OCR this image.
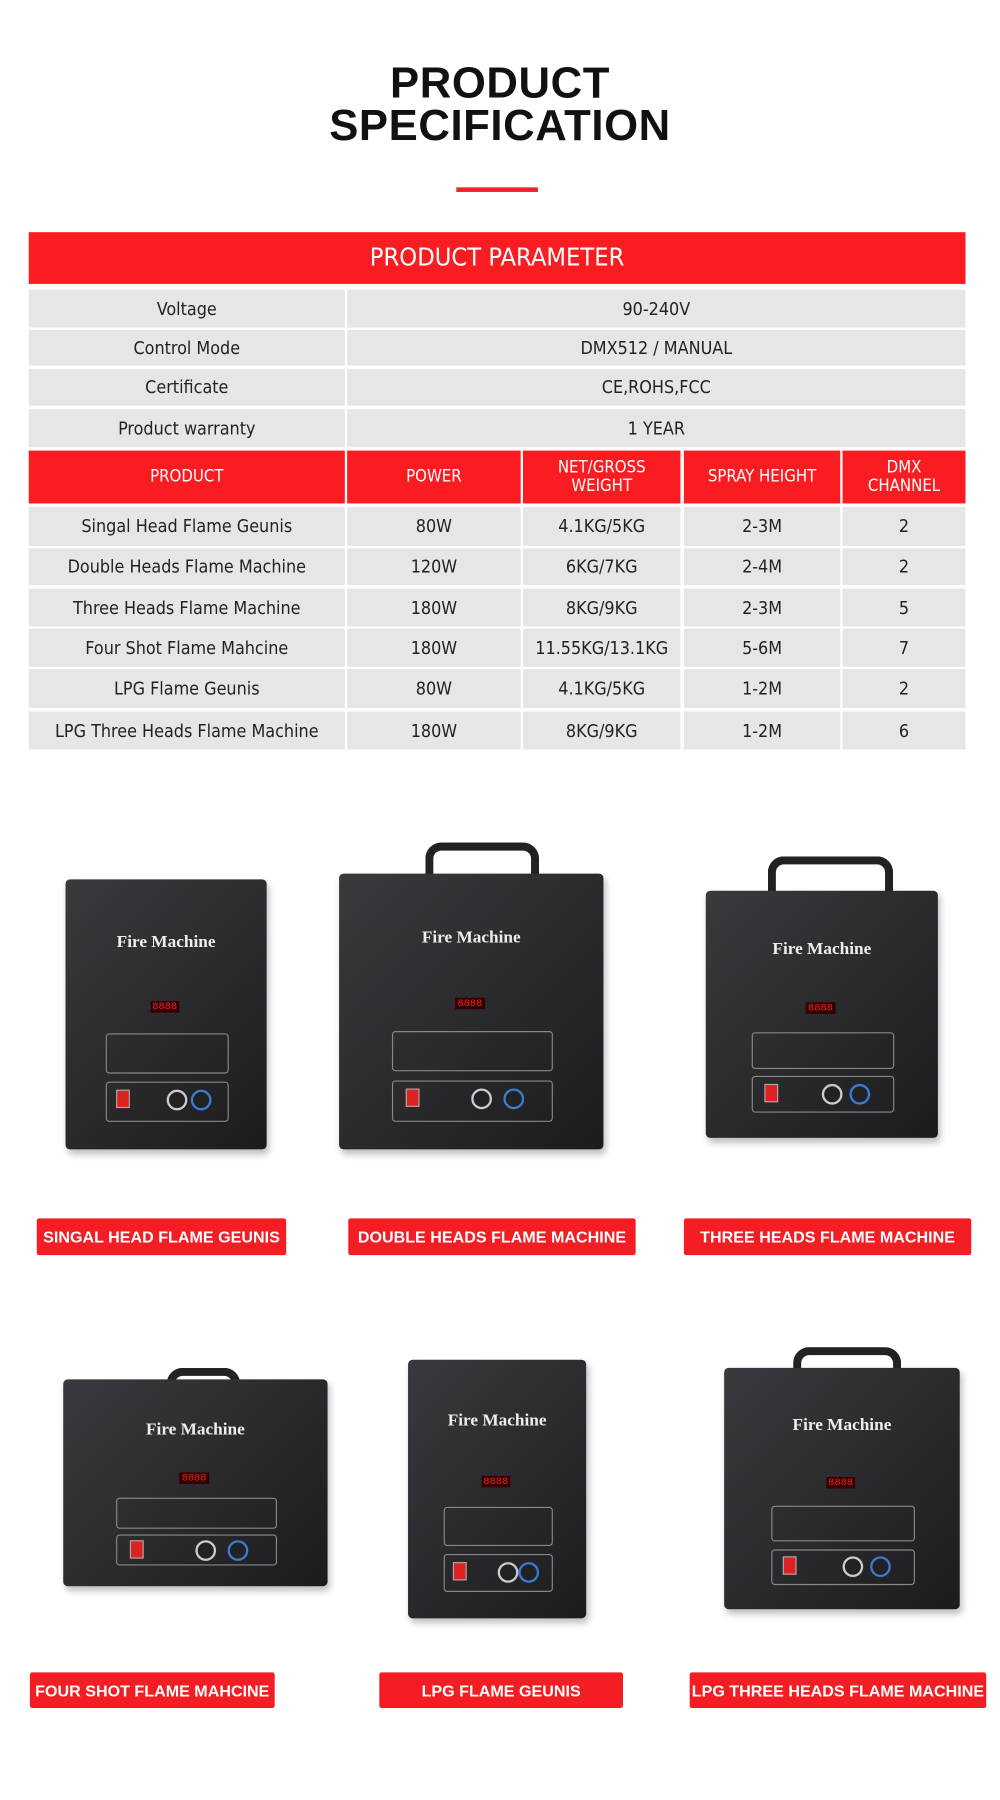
PRODUCT
SPECIFICATION
PRODUCT PARAMETER
Voltage	90-240V
Control Mode	DMX512 / MANUAL
Certificate	CE,ROHS,FCC
Product warranty	1 YEAR
PRODUCT	POWER	NET/GROSS WEIGHT	SPRAY HEIGHT	DMX CHANNEL
Singal Head Flame Geunis	80W	4.1KG/5KG	2-3M	2
Double Heads Flame Machine	120W	6KG/7KG	2-4M	2
Three Heads Flame Machine	180W	8KG/9KG	2-3M	5
Four Shot Flame Mahcine	180W	11.55KG/13.1KG	5-6M	7
LPG Flame Geunis	80W	4.1KG/5KG	1-2M	2
LPG Three Heads Flame Machine	180W	8KG/9KG	1-2M	6
Fire Machine
8888
SINGAL HEAD FLAME GEUNIS
Fire Machine
8888
DOUBLE HEADS FLAME MACHINE
Fire Machine
8888
THREE HEADS FLAME MACHINE
Fire Machine
8888
FOUR SHOT FLAME MAHCINE
Fire Machine
8888
LPG FLAME GEUNIS
Fire Machine
8888
LPG THREE HEADS FLAME MACHINE
